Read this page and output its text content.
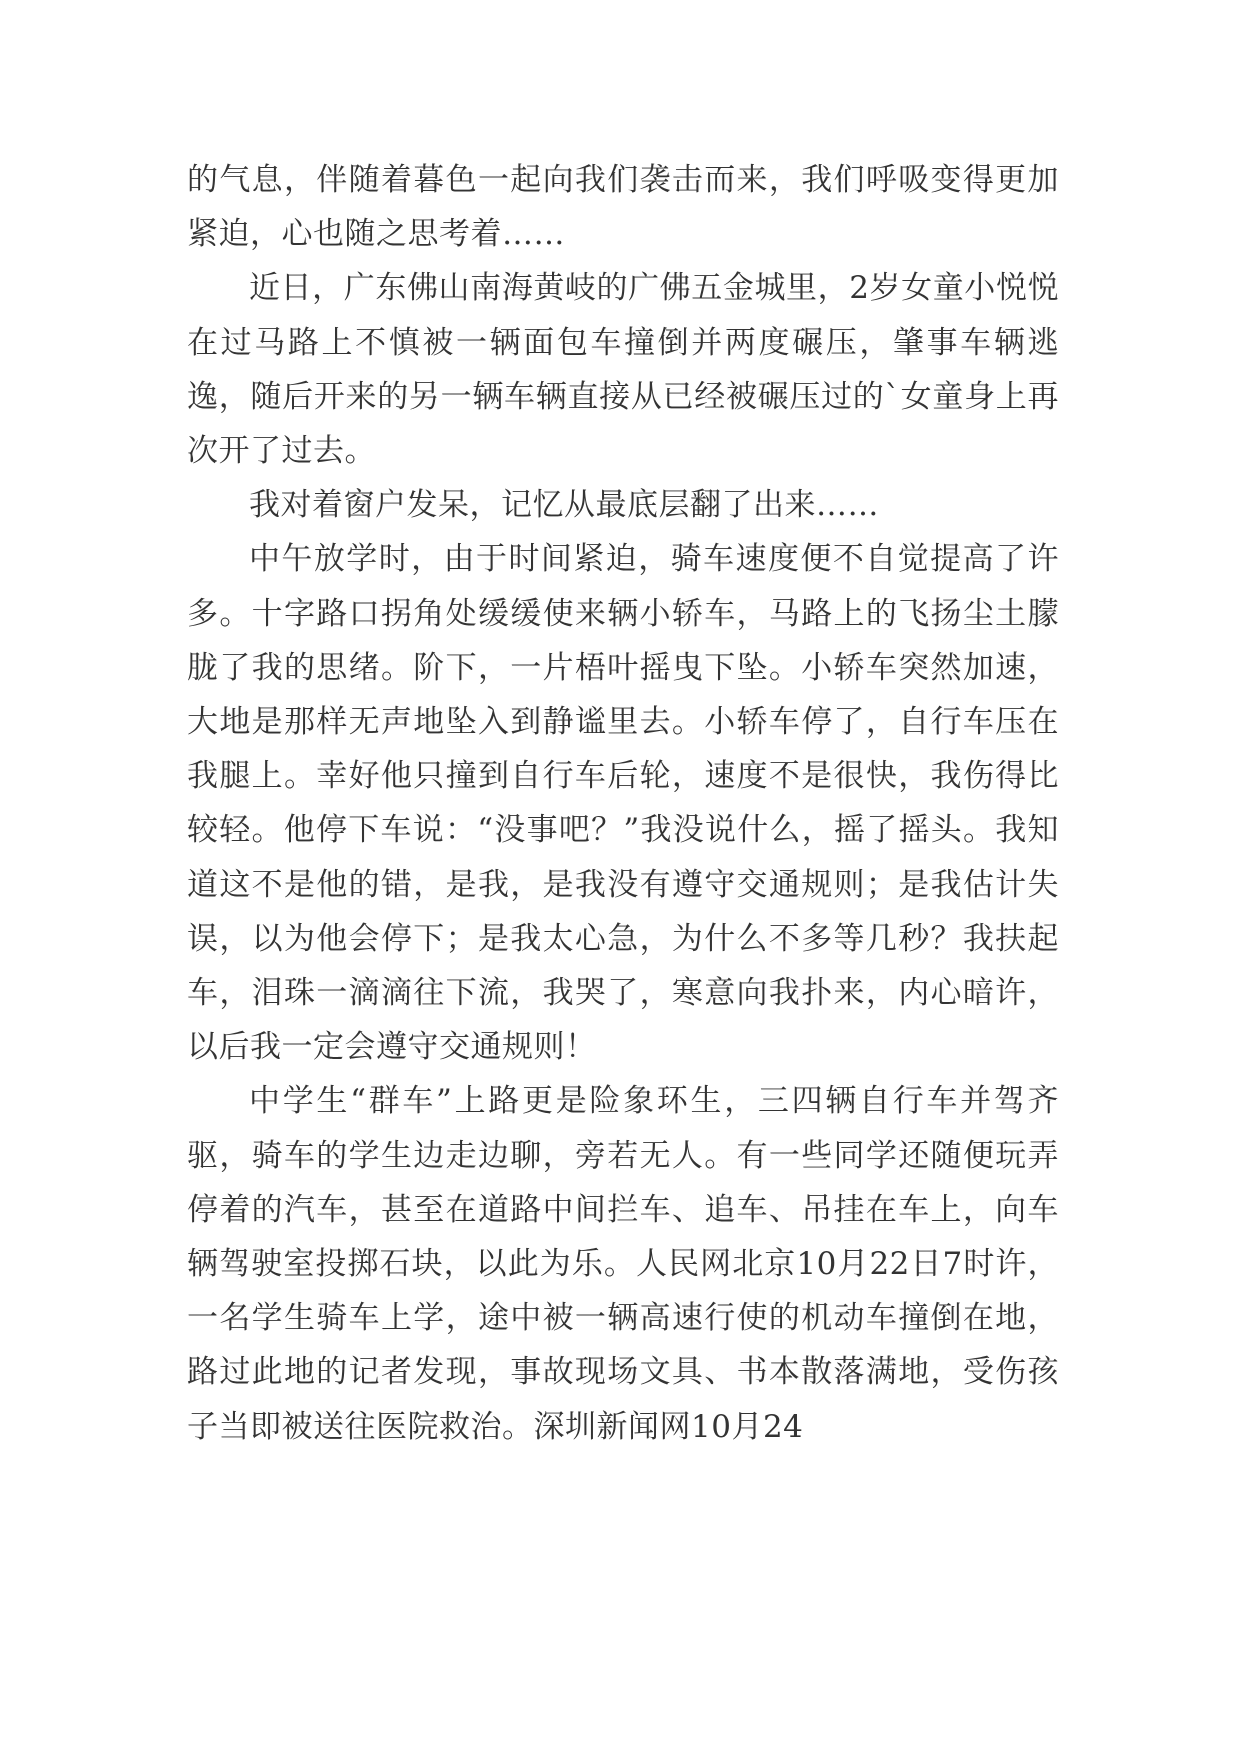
的气息，伴随着暮色一起向我们袭击而来，我们呼吸变得更加紧迫，心也随之思考着……

近日，广东佛山南海黄岐的广佛五金城里，2岁女童小悦悦在过马路上不慎被一辆面包车撞倒并两度碾压，肇事车辆逃逸，随后开来的另一辆车辆直接从已经被碾压过的`女童身上再次开了过去。

我对着窗户发呆，记忆从最底层翻了出来……

中午放学时，由于时间紧迫，骑车速度便不自觉提高了许多。十字路口拐角处缓缓使来辆小轿车，马路上的飞扬尘土朦胧了我的思绪。阶下，一片梧叶摇曳下坠。小轿车突然加速，大地是那样无声地坠入到静谧里去。小轿车停了，自行车压在我腿上。幸好他只撞到自行车后轮，速度不是很快，我伤得比较轻。他停下车说：“没事吧？”我没说什么，摇了摇头。我知道这不是他的错，是我，是我没有遵守交通规则；是我估计失误，以为他会停下；是我太心急，为什么不多等几秒？我扶起车，泪珠一滴滴往下流，我哭了，寒意向我扑来，内心暗许，以后我一定会遵守交通规则！

中学生“群车”上路更是险象环生，三四辆自行车并驾齐驱，骑车的学生边走边聊，旁若无人。有一些同学还随便玩弄停着的汽车，甚至在道路中间拦车、追车、吊挂在车上，向车辆驾驶室投掷石块，以此为乐。人民网北京10月22日7时许，一名学生骑车上学，途中被一辆高速行使的机动车撞倒在地，路过此地的记者发现，事故现场文具、书本散落满地，受伤孩子当即被送往医院救治。深圳新闻网10月24
